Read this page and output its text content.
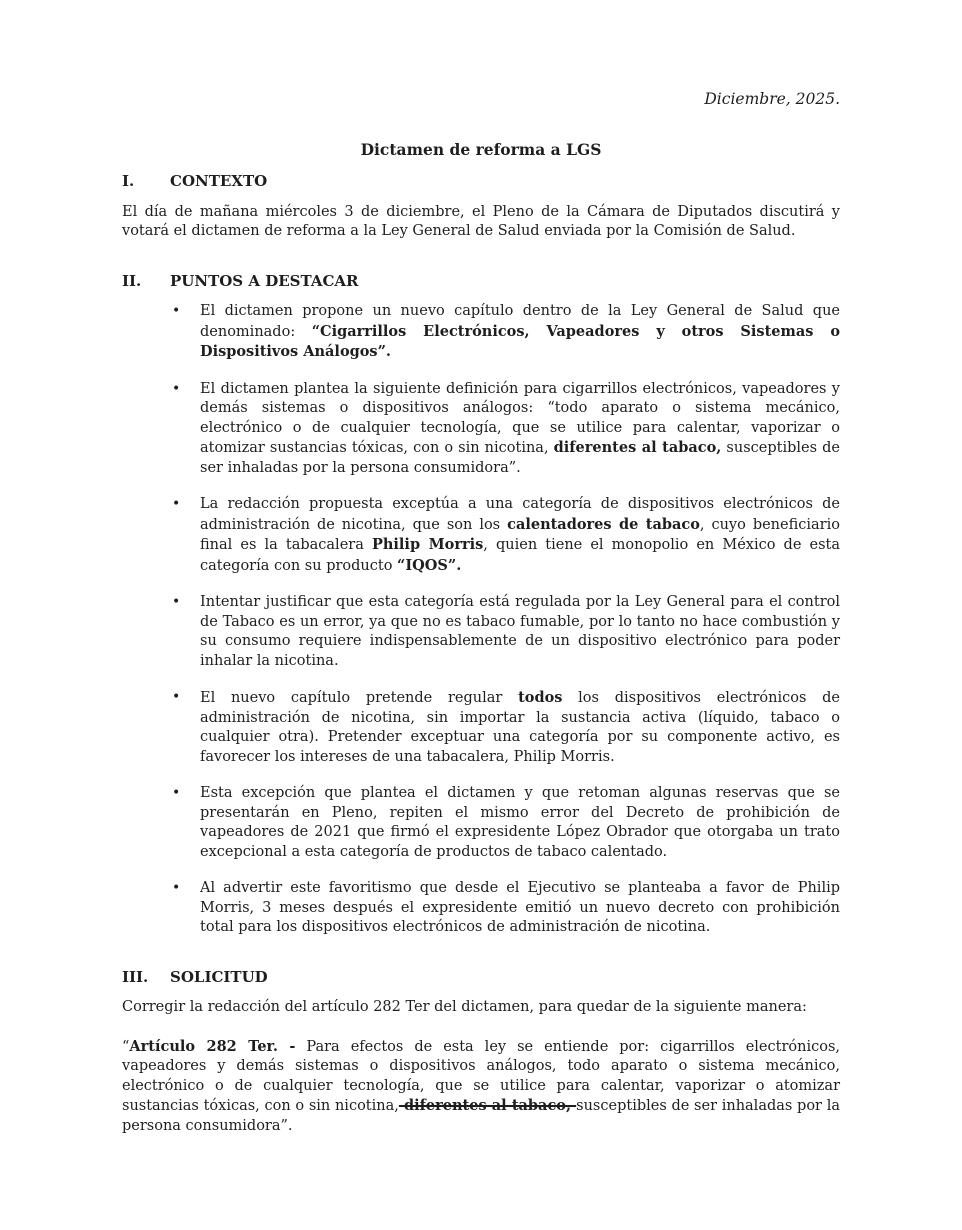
Diciembre, 2025.
Dictamen de reforma a LGS
I.	CONTEXTO

El día de mañana miércoles 3 de diciembre, el Pleno de la Cámara de Diputados discutirá y votará el dictamen de reforma a la Ley General de Salud enviada por la Comisión de Salud.

II.	PUNTOS A DESTACAR
•	El dictamen propone un nuevo capítulo dentro de la Ley General de Salud que denominado: “Cigarrillos Electrónicos, Vapeadores y otros Sistemas o Dispositivos Análogos”.
•	El dictamen plantea la siguiente definición para cigarrillos electrónicos, vapeadores y demás sistemas o dispositivos análogos: “todo aparato o sistema mecánico, electrónico o de cualquier tecnología, que se utilice para calentar, vaporizar o atomizar sustancias tóxicas, con o sin nicotina, diferentes al tabaco, susceptibles de ser inhaladas por la persona consumidora”.
•	La redacción propuesta exceptúa a una categoría de dispositivos electrónicos de administración de nicotina, que son los calentadores de tabaco, cuyo beneficiario final es la tabacalera Philip Morris, quien tiene el monopolio en México de esta categoría con su producto “IQOS”.
•	Intentar justificar que esta categoría está regulada por la Ley General para el control de Tabaco es un error, ya que no es tabaco fumable, por lo tanto no hace combustión y su consumo requiere indispensablemente de un dispositivo electrónico para poder inhalar la nicotina.
•	El nuevo capítulo pretende regular todos los dispositivos electrónicos de administración de nicotina, sin importar la sustancia activa (líquido, tabaco o cualquier otra). Pretender exceptuar una categoría por su componente activo, es favorecer los intereses de una tabacalera, Philip Morris.
•	Esta excepción que plantea el dictamen y que retoman algunas reservas que se presentarán en Pleno, repiten el mismo error del Decreto de prohibición de vapeadores de 2021 que firmó el expresidente López Obrador que otorgaba un trato excepcional a esta categoría de productos de tabaco calentado.
•	Al advertir este favoritismo que desde el Ejecutivo se planteaba a favor de Philip Morris, 3 meses después el expresidente emitió un nuevo decreto con prohibición total para los dispositivos electrónicos de administración de nicotina.
III.	SOLICITUD

Corregir la redacción del artículo 282 Ter del dictamen, para quedar de la siguiente manera:

“Artículo 282 Ter. - Para efectos de esta ley se entiende por: cigarrillos electrónicos, vapeadores y demás sistemas o dispositivos análogos, todo aparato o sistema mecánico, electrónico o de cualquier tecnología, que se utilice para calentar, vaporizar o atomizar sustancias tóxicas, con o sin nicotina, diferentes al tabaco, susceptibles de ser inhaladas por la persona consumidora”.
